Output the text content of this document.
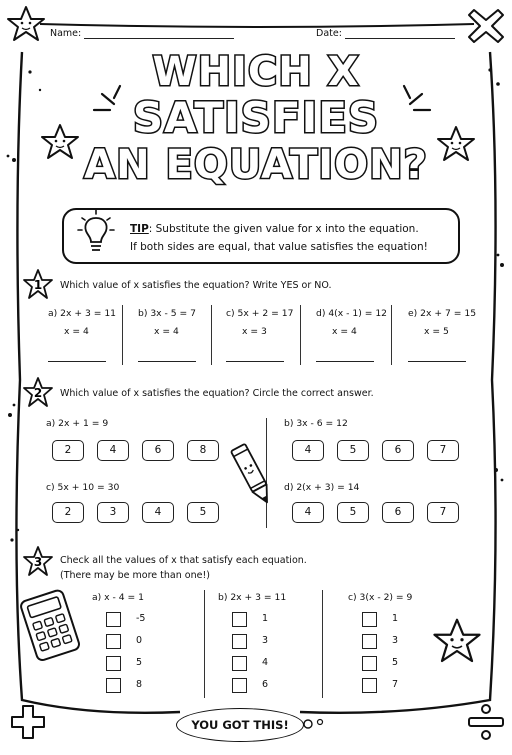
Name:	Date:
WHICH X
SATISFIES
AN EQUATION?
TIP: Substitute the given value for x into the equation.
If both sides are equal, that value satisfies the equation!
1 Which value of x satisfies the equation? Write YES or NO.
a) 2x + 3 = 11
x = 4
b) 3x - 5 = 7
x = 4
c) 5x + 2 = 17
x = 3
d) 4(x - 1) = 12
x = 4
e) 2x + 7 = 15
x = 5
2 Which value of x satisfies the equation? Circle the correct answer.
a) 2x + 1 = 9
2	4	6	8
b) 3x - 6 = 12
4	5	6	7
c) 5x + 10 = 30
2	3	4	5
d) 2(x + 3) = 14
4	5	6	7
3 Check all the values of x that satisfy each equation.
(There may be more than one!)
a) x - 4 = 1
-5
0
5
8
b) 2x + 3 = 11
1
3
4
6
c) 3(x - 2) = 9
1
3
5
7
YOU GOT THIS!
